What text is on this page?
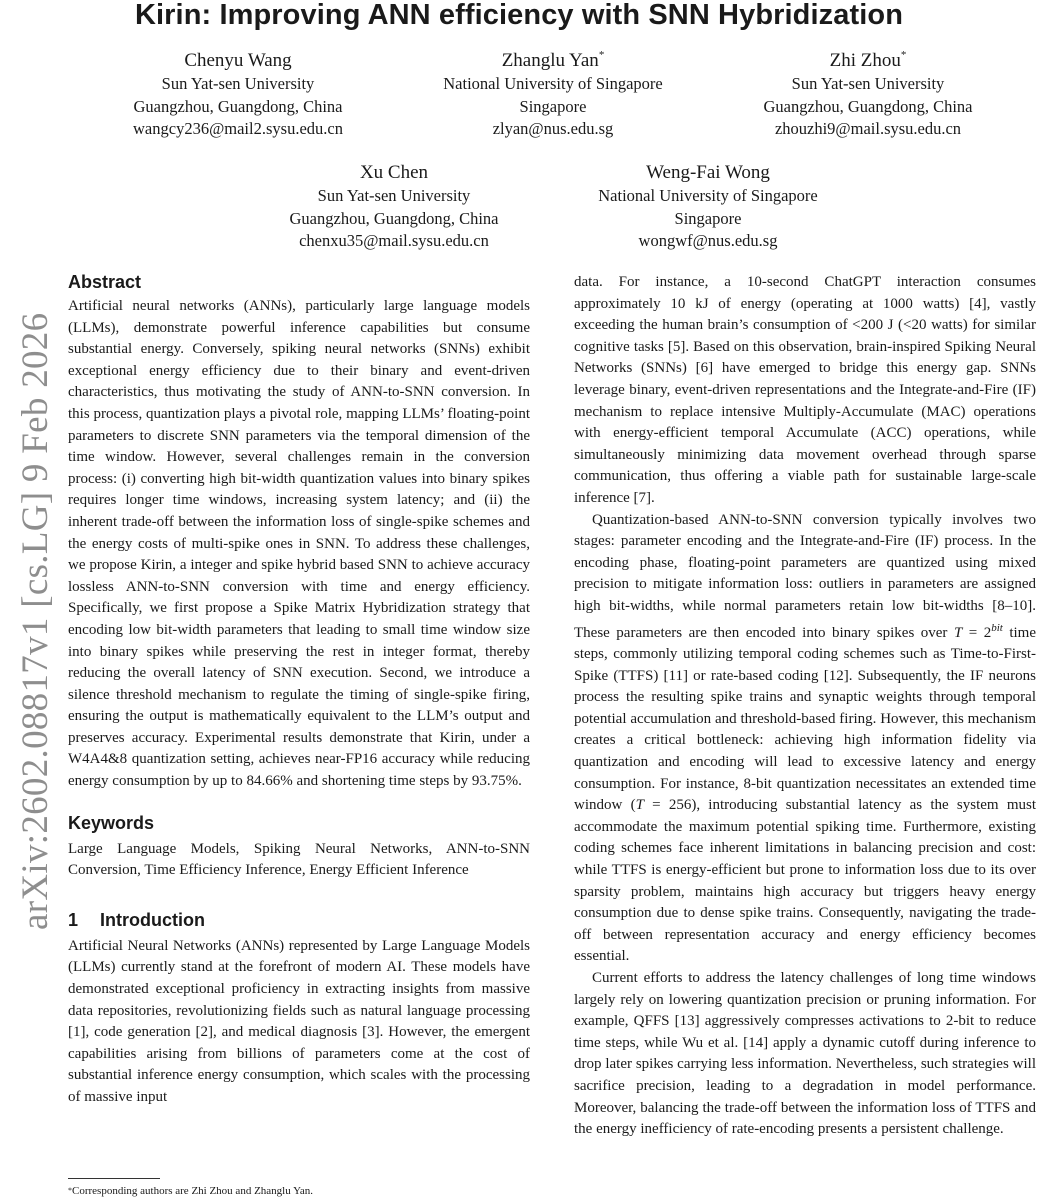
Kirin: Improving ANN efficiency with SNN Hybridization
Chenyu Wang
Sun Yat-sen University
Guangzhou, Guangdong, China
wangcy236@mail2.sysu.edu.cn
Zhanglu Yan*
National University of Singapore
Singapore
zlyan@nus.edu.sg
Zhi Zhou*
Sun Yat-sen University
Guangzhou, Guangdong, China
zhouzhi9@mail.sysu.edu.cn
Xu Chen
Sun Yat-sen University
Guangzhou, Guangdong, China
chenxu35@mail.sysu.edu.cn
Weng-Fai Wong
National University of Singapore
Singapore
wongwf@nus.edu.sg
arXiv:2602.08817v1 [cs.LG] 9 Feb 2026
Abstract

Artificial neural networks (ANNs), particularly large language models (LLMs), demonstrate powerful inference capabilities but consume substantial energy. Conversely, spiking neural networks (SNNs) exhibit exceptional energy efficiency due to their binary and event-driven characteristics, thus motivating the study of ANN-to-SNN conversion. In this process, quantization plays a pivotal role, mapping LLMs’ floating-point parameters to discrete SNN parameters via the temporal dimension of the time window. However, several challenges remain in the conversion process: (i) converting high bit-width quantization values into binary spikes requires longer time windows, increasing system latency; and (ii) the inherent trade-off between the information loss of single-spike schemes and the energy costs of multi-spike ones in SNN. To address these challenges, we propose Kirin, a integer and spike hybrid based SNN to achieve accuracy lossless ANN-to-SNN conversion with time and energy efficiency. Specifically, we first propose a Spike Matrix Hybridization strategy that encoding low bit-width parameters that leading to small time window size into binary spikes while preserving the rest in integer format, thereby reducing the overall latency of SNN execution. Second, we introduce a silence threshold mechanism to regulate the timing of single-spike firing, ensuring the output is mathematically equivalent to the LLM’s output and preserves accuracy. Experimental results demonstrate that Kirin, under a W4A4&8 quantization setting, achieves near-FP16 accuracy while reducing energy consumption by up to 84.66% and shortening time steps by 93.75%.

Keywords

Large Language Models, Spiking Neural Networks, ANN-to-SNN Conversion, Time Efficiency Inference, Energy Efficient Inference

1 Introduction

Artificial Neural Networks (ANNs) represented by Large Language Models (LLMs) currently stand at the forefront of modern AI. These models have demonstrated exceptional proficiency in extracting insights from massive data repositories, revolutionizing fields such as natural language processing [1], code generation [2], and medical diagnosis [3]. However, the emergent capabilities arising from billions of parameters come at the cost of substantial inference energy consumption, which scales with the processing of massive input

data. For instance, a 10-second ChatGPT interaction consumes approximately 10 kJ of energy (operating at 1000 watts) [4], vastly exceeding the human brain’s consumption of <200 J (<20 watts) for similar cognitive tasks [5]. Based on this observation, brain-inspired Spiking Neural Networks (SNNs) [6] have emerged to bridge this energy gap. SNNs leverage binary, event-driven representations and the Integrate-and-Fire (IF) mechanism to replace intensive Multiply-Accumulate (MAC) operations with energy-efficient temporal Accumulate (ACC) operations, while simultaneously minimizing data movement overhead through sparse communication, thus offering a viable path for sustainable large-scale inference [7].

Quantization-based ANN-to-SNN conversion typically involves two stages: parameter encoding and the Integrate-and-Fire (IF) process. In the encoding phase, floating-point parameters are quantized using mixed precision to mitigate information loss: outliers in parameters are assigned high bit-widths, while normal parameters retain low bit-widths [8–10]. These parameters are then encoded into binary spikes over $T = 2^{bit}$ time steps, commonly utilizing temporal coding schemes such as Time-to-First-Spike (TTFS) [11] or rate-based coding [12]. Subsequently, the IF neurons process the resulting spike trains and synaptic weights through temporal potential accumulation and threshold-based firing. However, this mechanism creates a critical bottleneck: achieving high information fidelity via quantization and encoding will lead to excessive latency and energy consumption. For instance, 8-bit quantization necessitates an extended time window (T = 256), introducing substantial latency as the system must accommodate the maximum potential spiking time. Furthermore, existing coding schemes face inherent limitations in balancing precision and cost: while TTFS is energy-efficient but prone to information loss due to its over sparsity problem, maintains high accuracy but triggers heavy energy consumption due to dense spike trains. Consequently, navigating the trade-off between representation accuracy and energy efficiency becomes essential.

Current efforts to address the latency challenges of long time windows largely rely on lowering quantization precision or pruning information. For example, QFFS [13] aggressively compresses activations to 2-bit to reduce time steps, while Wu et al. [14] apply a dynamic cutoff during inference to drop later spikes carrying less information. Nevertheless, such strategies will sacrifice precision, leading to a degradation in model performance. Moreover, balancing the trade-off between the information loss of TTFS and the energy inefficiency of rate-encoding presents a persistent challenge.

*Corresponding authors are Zhi Zhou and Zhanglu Yan.
